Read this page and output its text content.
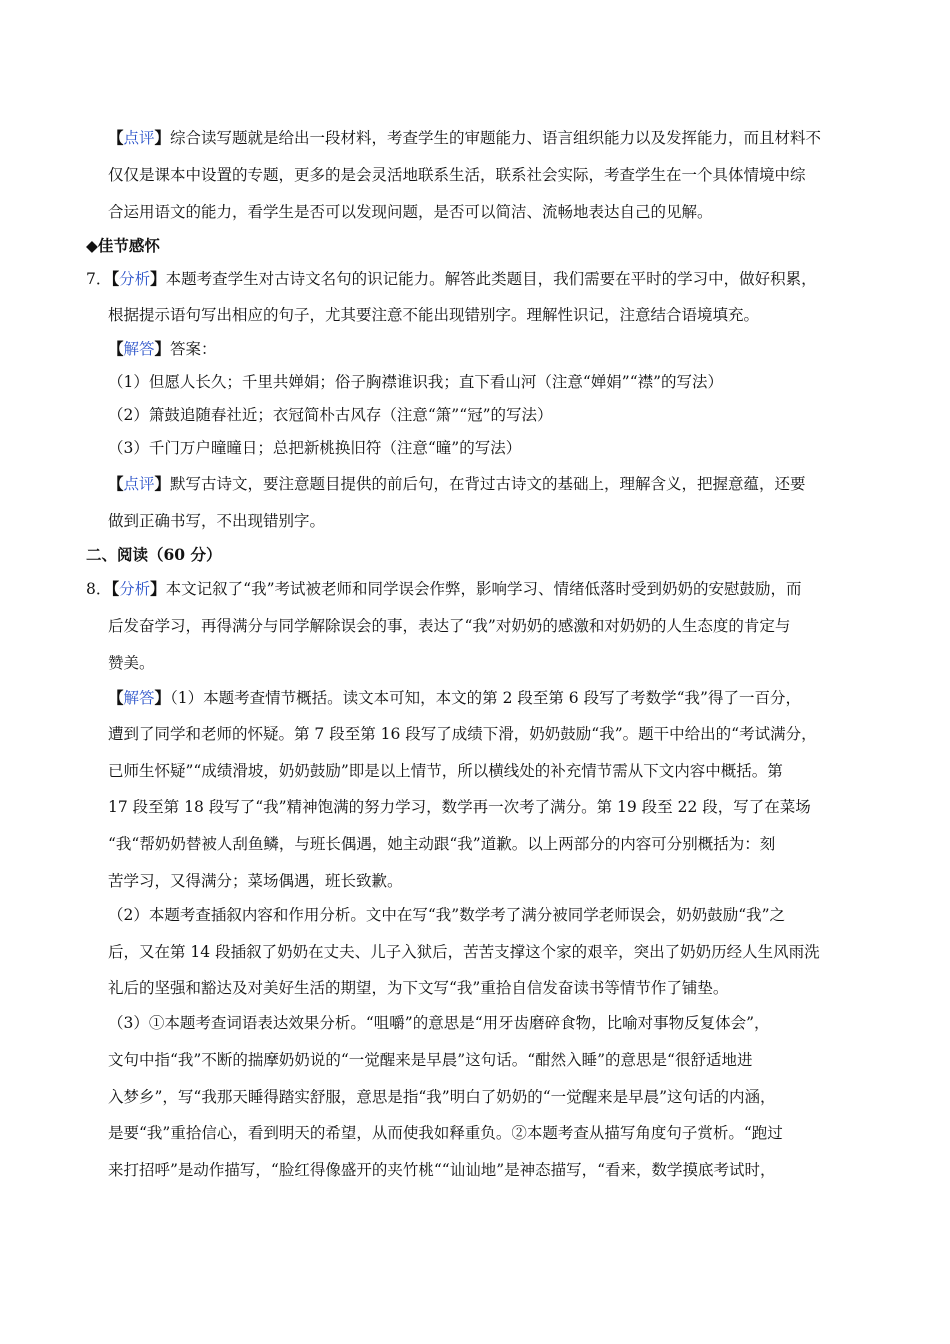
【点评】综合读写题就是给出一段材料，考查学生的审题能力、语言组织能力以及发挥能力，而且材料不
仅仅是课本中设置的专题，更多的是会灵活地联系生活，联系社会实际，考查学生在一个具体情境中综
合运用语文的能力，看学生是否可以发现问题，是否可以简洁、流畅地表达自己的见解。
◆佳节感怀
7．【分析】本题考查学生对古诗文名句的识记能力。解答此类题目，我们需要在平时的学习中，做好积累，
根据提示语句写出相应的句子，尤其要注意不能出现错别字。理解性识记，注意结合语境填充。
【解答】答案：
（1）但愿人长久；千里共婵娟；俗子胸襟谁识我；直下看山河（注意“婵娟”“襟”的写法）
（2）箫鼓追随春社近；衣冠简朴古风存（注意“箫”“冠”的写法）
（3）千门万户曈曈日；总把新桃换旧符（注意“曈”的写法）
【点评】默写古诗文，要注意题目提供的前后句，在背过古诗文的基础上，理解含义，把握意蕴，还要
做到正确书写，不出现错别字。
二、阅读（60 分）
8．【分析】本文记叙了“我”考试被老师和同学误会作弊，影响学习、情绪低落时受到奶奶的安慰鼓励，而
后发奋学习，再得满分与同学解除误会的事，表达了“我”对奶奶的感激和对奶奶的人生态度的肯定与
赞美。
【解答】（1）本题考查情节概括。读文本可知，本文的第 2 段至第 6 段写了考数学“我”得了一百分，
遭到了同学和老师的怀疑。第 7 段至第 16 段写了成绩下滑，奶奶鼓励“我”。题干中给出的“考试满分，
已师生怀疑”“成绩滑坡，奶奶鼓励”即是以上情节，所以横线处的补充情节需从下文内容中概括。第
17 段至第 18 段写了“我”精神饱满的努力学习，数学再一次考了满分。第 19 段至 22 段，写了在菜场
“我“帮奶奶替被人刮鱼鳞，与班长偶遇，她主动跟“我”道歉。以上两部分的内容可分别概括为：刻
苦学习，又得满分；菜场偶遇，班长致歉。
（2）本题考查插叙内容和作用分析。文中在写“我”数学考了满分被同学老师误会，奶奶鼓励“我”之
后，又在第 14 段插叙了奶奶在丈夫、儿子入狱后，苦苦支撑这个家的艰辛，突出了奶奶历经人生风雨洗
礼后的坚强和豁达及对美好生活的期望，为下文写“我”重拾自信发奋读书等情节作了铺垫。
（3）①本题考查词语表达效果分析。“咀嚼”的意思是“用牙齿磨碎食物，比喻对事物反复体会”，
文句中指“我”不断的揣摩奶奶说的“一觉醒来是早晨”这句话。“酣然入睡”的意思是“很舒适地进
入梦乡”，写“我那天睡得踏实舒服，意思是指“我”明白了奶奶的“一觉醒来是早晨”这句话的内涵，
是要“我”重拾信心，看到明天的希望，从而使我如释重负。②本题考查从描写角度句子赏析。“跑过
来打招呼”是动作描写，“脸红得像盛开的夹竹桃““讪讪地”是神态描写，“看来，数学摸底考试时，
